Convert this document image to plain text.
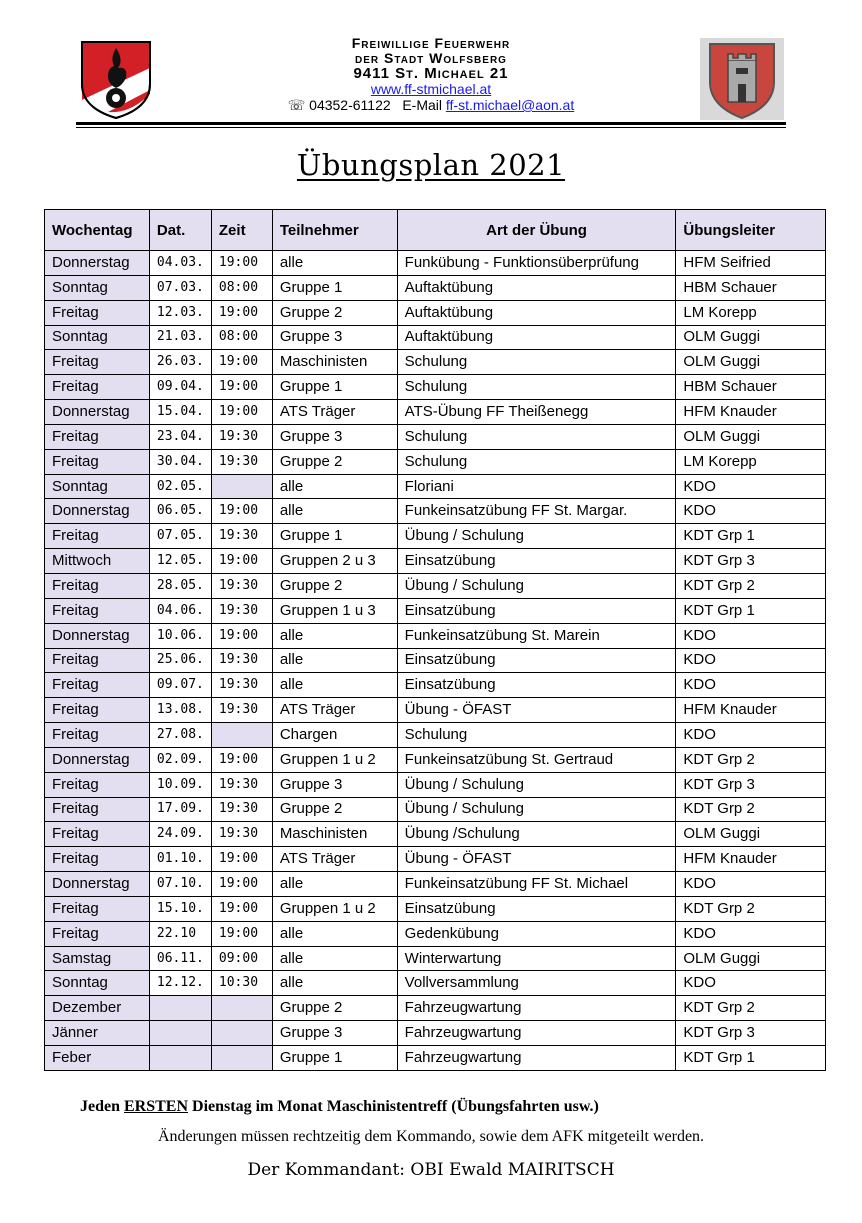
Freiwillige Feuerwehr
der Stadt Wolfsberg
9411 St. Michael 21
www.ff-stmichael.at
☏ 04352-61122 E-Mail ff-st.michael@aon.at
Übungsplan 2021
Wochentag	Dat.	Zeit	Teilnehmer	Art der Übung	Übungsleiter
Donnerstag	04.03.	19:00	alle	Funkübung - Funktionsüberprüfung	HFM Seifried
Sonntag	07.03.	08:00	Gruppe 1	Auftaktübung	HBM Schauer
Freitag	12.03.	19:00	Gruppe 2	Auftaktübung	LM Korepp
Sonntag	21.03.	08:00	Gruppe 3	Auftaktübung	OLM Guggi
Freitag	26.03.	19:00	Maschinisten	Schulung	OLM Guggi
Freitag	09.04.	19:00	Gruppe 1	Schulung	HBM Schauer
Donnerstag	15.04.	19:00	ATS Träger	ATS-Übung FF Theißenegg	HFM Knauder
Freitag	23.04.	19:30	Gruppe 3	Schulung	OLM Guggi
Freitag	30.04.	19:30	Gruppe 2	Schulung	LM Korepp
Sonntag	02.05.		alle	Floriani	KDO
Donnerstag	06.05.	19:00	alle	Funkeinsatzübung FF St. Margar.	KDO
Freitag	07.05.	19:30	Gruppe 1	Übung / Schulung	KDT Grp 1
Mittwoch	12.05.	19:00	Gruppen 2 u 3	Einsatzübung	KDT Grp 3
Freitag	28.05.	19:30	Gruppe 2	Übung / Schulung	KDT Grp 2
Freitag	04.06.	19:30	Gruppen 1 u 3	Einsatzübung	KDT Grp 1
Donnerstag	10.06.	19:00	alle	Funkeinsatzübung St. Marein	KDO
Freitag	25.06.	19:30	alle	Einsatzübung	KDO
Freitag	09.07.	19:30	alle	Einsatzübung	KDO
Freitag	13.08.	19:30	ATS Träger	Übung - ÖFAST	HFM Knauder
Freitag	27.08.		Chargen	Schulung	KDO
Donnerstag	02.09.	19:00	Gruppen 1 u 2	Funkeinsatzübung St. Gertraud	KDT Grp 2
Freitag	10.09.	19:30	Gruppe 3	Übung / Schulung	KDT Grp 3
Freitag	17.09.	19:30	Gruppe 2	Übung / Schulung	KDT Grp 2
Freitag	24.09.	19:30	Maschinisten	Übung /Schulung	OLM Guggi
Freitag	01.10.	19:00	ATS Träger	Übung - ÖFAST	HFM Knauder
Donnerstag	07.10.	19:00	alle	Funkeinsatzübung FF St. Michael	KDO
Freitag	15.10.	19:00	Gruppen 1 u 2	Einsatzübung	KDT Grp 2
Freitag	22.10	19:00	alle	Gedenkübung	KDO
Samstag	06.11.	09:00	alle	Winterwartung	OLM Guggi
Sonntag	12.12.	10:30	alle	Vollversammlung	KDO
Dezember			Gruppe 2	Fahrzeugwartung	KDT Grp 2
Jänner			Gruppe 3	Fahrzeugwartung	KDT Grp 3
Feber			Gruppe 1	Fahrzeugwartung	KDT Grp 1
Jeden ERSTEN Dienstag im Monat Maschinistentreff (Übungsfahrten usw.)
Änderungen müssen rechtzeitig dem Kommando, sowie dem AFK mitgeteilt werden.
Der Kommandant: OBI Ewald MAIRITSCH
